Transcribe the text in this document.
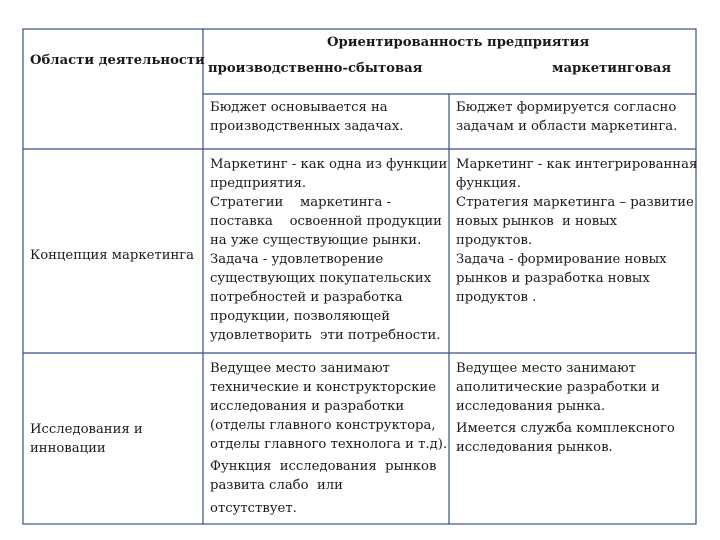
Области деятельности
Ориентированность предприятия
производственно-сбытовая	маркетинговая
Бюджет основывается на
производственных задачах.
Бюджет формируется согласно
задачам и области маркетинга.
Концепция маркетинга
Маркетинг - как одна из функции
предприятия.
Стратегии    маркетинга -
поставка    освоенной продукции
на уже существующие рынки.
Задача - удовлетворение
существующих покупательских
потребностей и разработка
продукции, позволяющей
удовлетворить  эти потребности.
Маркетинг - как интегрированная
функция.
Стратегия маркетинга – развитие
новых рынков  и новых
продуктов.
Задача - формирование новых
рынков и разработка новых
продуктов .
Исследования и
инновации
Ведущее место занимают
технические и конструкторские
исследования и разработки
(отделы главного конструктора,
отделы главного технолога и т.д).
Функция  исследования  рынков
развита слабо  или
отсутствует.
Ведущее место занимают
аполитические разработки и
исследования рынка.
Имеется служба комплексного
исследования рынков.
